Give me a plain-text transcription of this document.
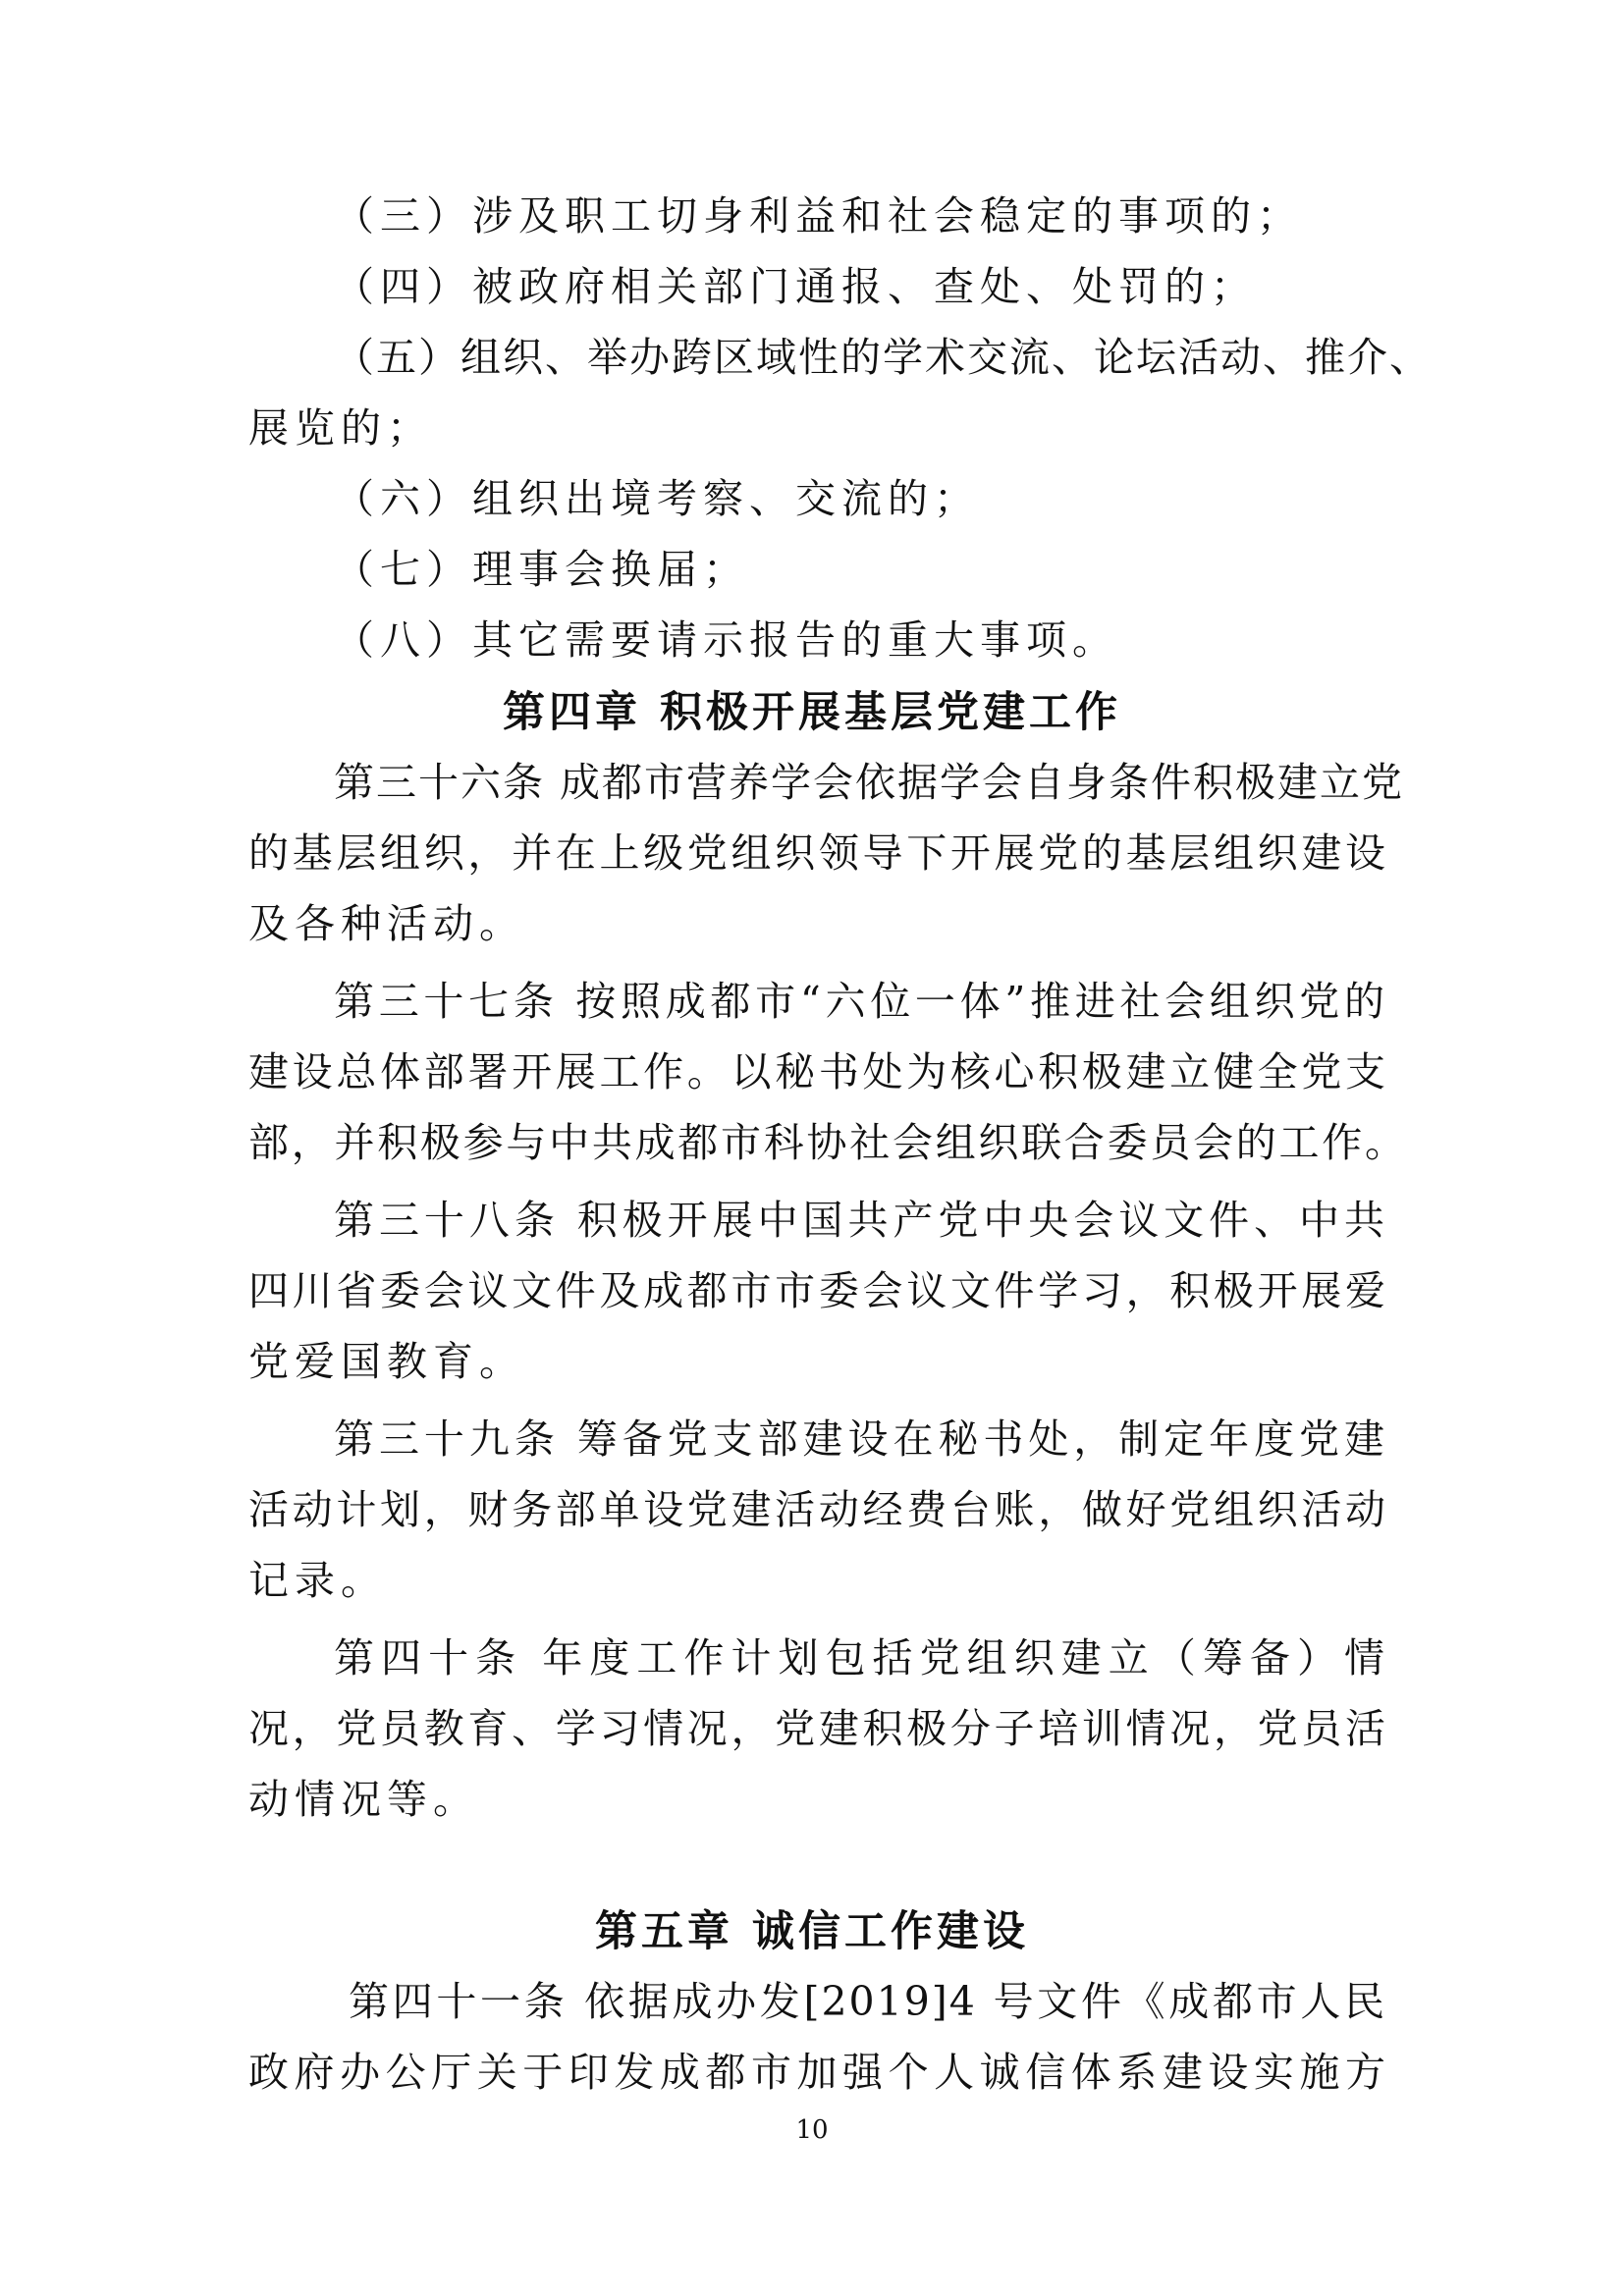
（三）涉及职工切身利益和社会稳定的事项的；
（四）被政府相关部门通报、查处、处罚的；
（五）组织、举办跨区域性的学术交流、论坛活动、推介、
展览的；
（六）组织出境考察、交流的；
（七）理事会换届；
（八）其它需要请示报告的重大事项。
第四章 积极开展基层党建工作
第三十六条 成都市营养学会依据学会自身条件积极建立党
的基层组织，并在上级党组织领导下开展党的基层组织建设
及各种活动。
第三十七条 按照成都市“六位一体”推进社会组织党的
建设总体部署开展工作。以秘书处为核心积极建立健全党支
部，并积极参与中共成都市科协社会组织联合委员会的工作。
第三十八条 积极开展中国共产党中央会议文件、中共
四川省委会议文件及成都市市委会议文件学习，积极开展爱
党爱国教育。
第三十九条 筹备党支部建设在秘书处，制定年度党建
活动计划，财务部单设党建活动经费台账，做好党组织活动
记录。
第四十条 年度工作计划包括党组织建立（筹备）情
况，党员教育、学习情况，党建积极分子培训情况，党员活
动情况等。
第五章 诚信工作建设
第四十一条 依据成办发[2019]4 号文件《成都市人民
政府办公厅关于印发成都市加强个人诚信体系建设实施方
10
